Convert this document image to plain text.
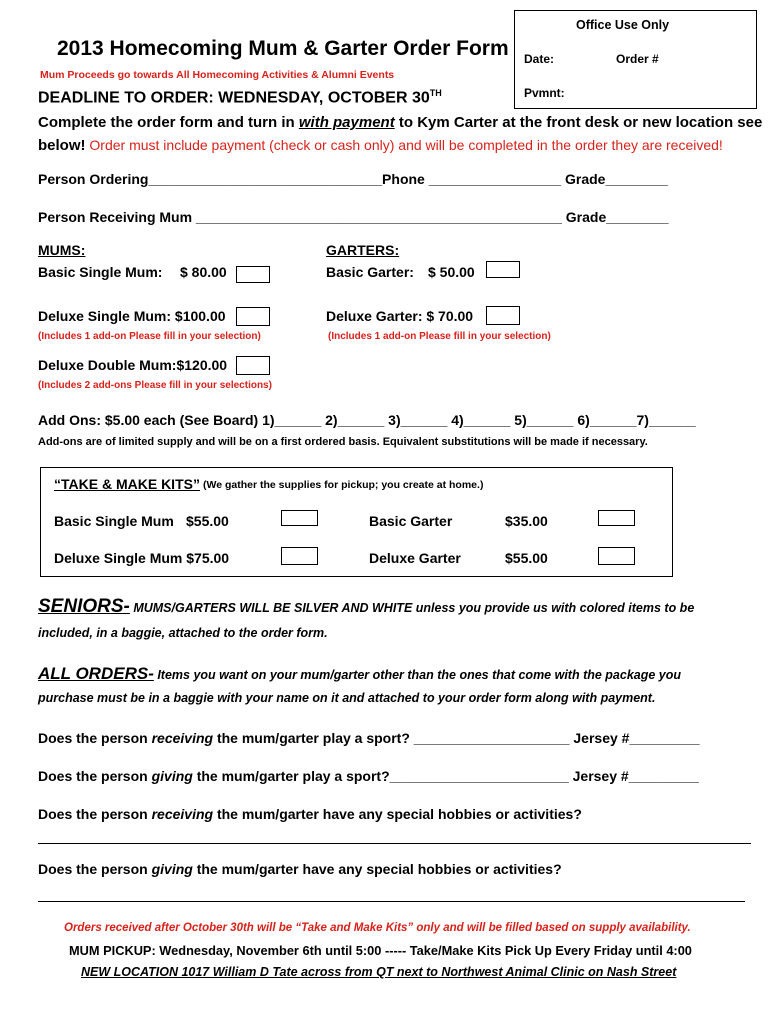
Office Use Only
Date:	Order #
Pvmnt:
2013 Homecoming Mum & Garter Order Form
Mum Proceeds go towards All Homecoming Activities & Alumni Events
DEADLINE TO ORDER: WEDNESDAY, OCTOBER 30TH
Complete the order form and turn in with payment to Kym Carter at the front desk or new location see
below! Order must include payment (check or cash only) and will be completed in the order they are received!
Person Ordering______________________________Phone _________________ Grade________
Person Receiving Mum _______________________________________________ Grade________
MUMS:
Basic Single Mum: $ 80.00
Deluxe Single Mum: $100.00
(Includes 1 add-on Please fill in your selection)
Deluxe Double Mum:$120.00
(Includes 2 add-ons Please fill in your selections)
GARTERS:
Basic Garter: $ 50.00
Deluxe Garter: $ 70.00
(Includes 1 add-on Please fill in your selection)
Add Ons: $5.00 each (See Board) 1)______ 2)______ 3)______ 4)______ 5)______ 6)______7)______
Add-ons are of limited supply and will be on a first ordered basis. Equivalent substitutions will be made if necessary.
“TAKE & MAKE KITS” (We gather the supplies for pickup; you create at home.)
Basic Single Mum $55.00	Basic Garter	$35.00
Deluxe Single Mum $75.00	Deluxe Garter	$55.00
SENIORS- MUMS/GARTERS WILL BE SILVER AND WHITE unless you provide us with colored items to be
included, in a baggie, attached to the order form.
ALL ORDERS- Items you want on your mum/garter other than the ones that come with the package you
purchase must be in a baggie with your name on it and attached to your order form along with payment.
Does the person receiving the mum/garter play a sport? ____________________ Jersey #_________
Does the person giving the mum/garter play a sport?_______________________ Jersey #_________
Does the person receiving the mum/garter have any special hobbies or activities?
Does the person giving the mum/garter have any special hobbies or activities?
Orders received after October 30th will be “Take and Make Kits” only and will be filled based on supply availability.
MUM PICKUP: Wednesday, November 6th until 5:00 ----- Take/Make Kits Pick Up Every Friday until 4:00
NEW LOCATION 1017 William D Tate across from QT next to Northwest Animal Clinic on Nash Street
